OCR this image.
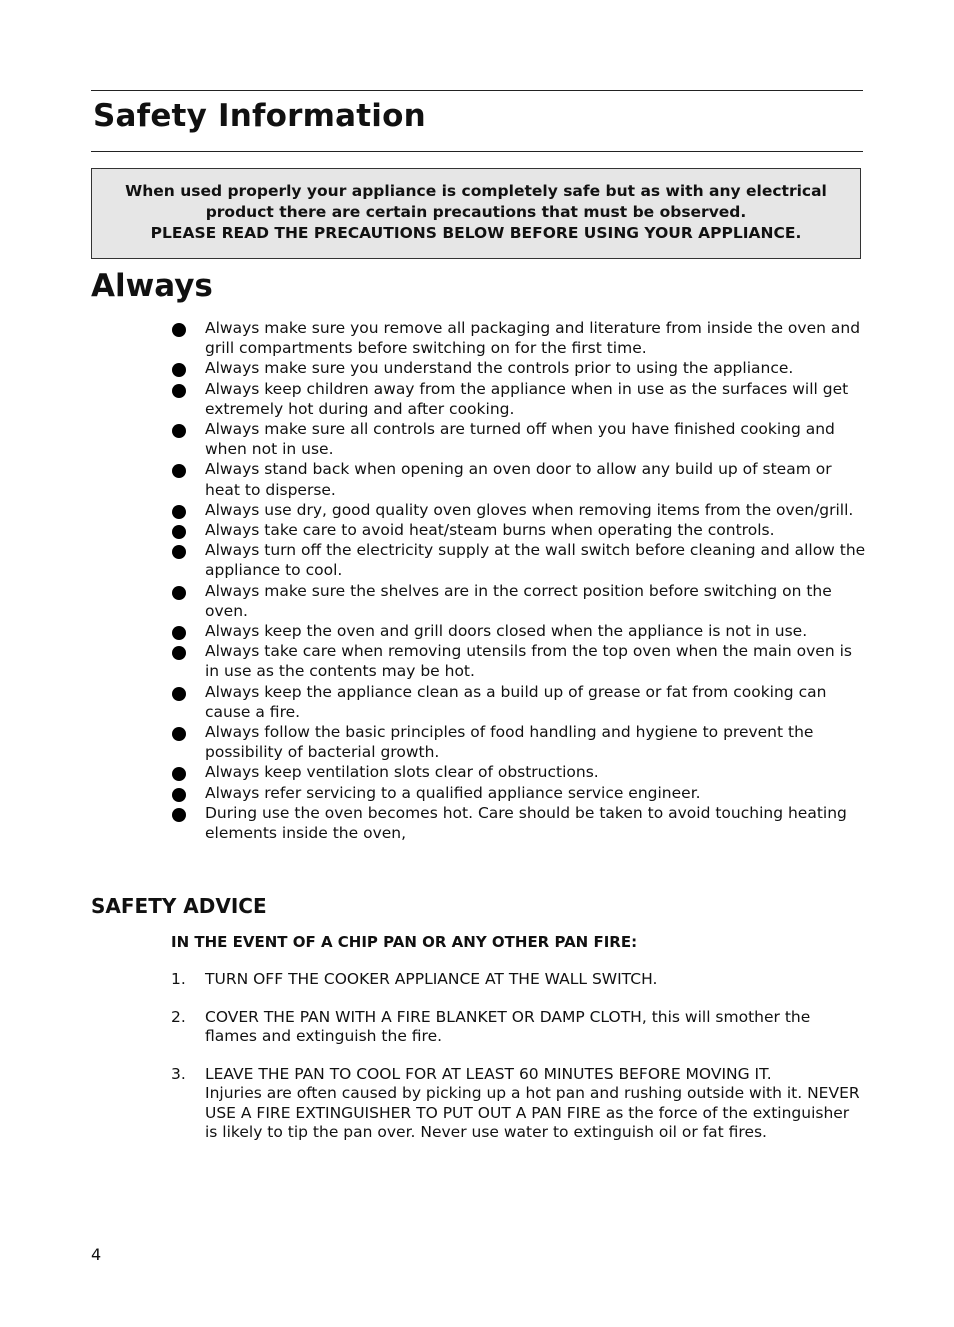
Safety Information
When used properly your appliance is completely safe but as with any electrical
product there are certain precautions that must be observed.
PLEASE READ THE PRECAUTIONS BELOW BEFORE USING YOUR APPLIANCE.
Always
Always make sure you remove all packaging and literature from inside the oven and grill compartments before switching on for the first time.
Always make sure you understand the controls prior to using the appliance.
Always keep children away from the appliance when in use as the surfaces will get extremely hot during and after cooking.
Always make sure all controls are turned off when you have finished cooking and when not in use.
Always stand back when opening an oven door to allow any build up of steam or heat to disperse.
Always use dry, good quality oven gloves when removing items from the oven/grill.
Always take care to avoid heat/steam burns when operating the controls.
Always turn off the electricity supply at the wall switch before cleaning and allow the appliance to cool.
Always make sure the shelves are in the correct position before switching on the oven.
Always keep the oven and grill doors closed when the appliance is not in use.
Always take care when removing utensils from the top oven when the main oven is in use as the contents may be hot.
Always keep the appliance clean as a build up of grease or fat from cooking can cause a fire.
Always follow the basic principles of food handling and hygiene to prevent the possibility of bacterial growth.
Always keep ventilation slots clear of obstructions.
Always refer servicing to a qualified appliance service engineer.
During use the oven becomes hot. Care should be taken to avoid touching heating elements inside the oven,
SAFETY ADVICE
IN THE EVENT OF A CHIP PAN OR ANY OTHER PAN FIRE:
1. TURN OFF THE COOKER APPLIANCE AT THE WALL SWITCH.
2. COVER THE PAN WITH A FIRE BLANKET OR DAMP CLOTH, this will smother the flames and extinguish the fire.
3. LEAVE THE PAN TO COOL FOR AT LEAST 60 MINUTES BEFORE MOVING IT.
Injuries are often caused by picking up a hot pan and rushing outside with it. NEVER USE A FIRE EXTINGUISHER TO PUT OUT A PAN FIRE as the force of the extinguisher is likely to tip the pan over. Never use water to extinguish oil or fat fires.
4
